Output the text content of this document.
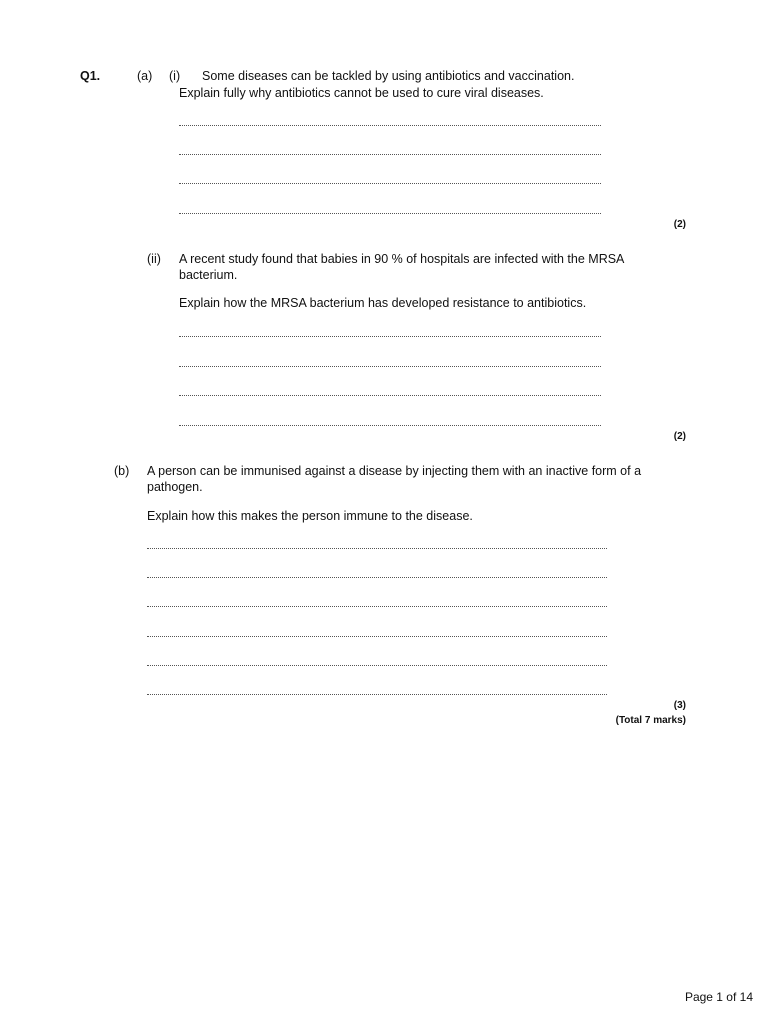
Q1.	(a) (i) Some diseases can be tackled by using antibiotics and vaccination.
Explain fully why antibiotics cannot be used to cure viral diseases.
(2)
(ii) A recent study found that babies in 90 % of hospitals are infected with the MRSA
bacterium.
Explain how the MRSA bacterium has developed resistance to antibiotics.
(2)
(b) A person can be immunised against a disease by injecting them with an inactive form of a
pathogen.
Explain how this makes the person immune to the disease.
(3)
(Total 7 marks)
Page 1 of 14
